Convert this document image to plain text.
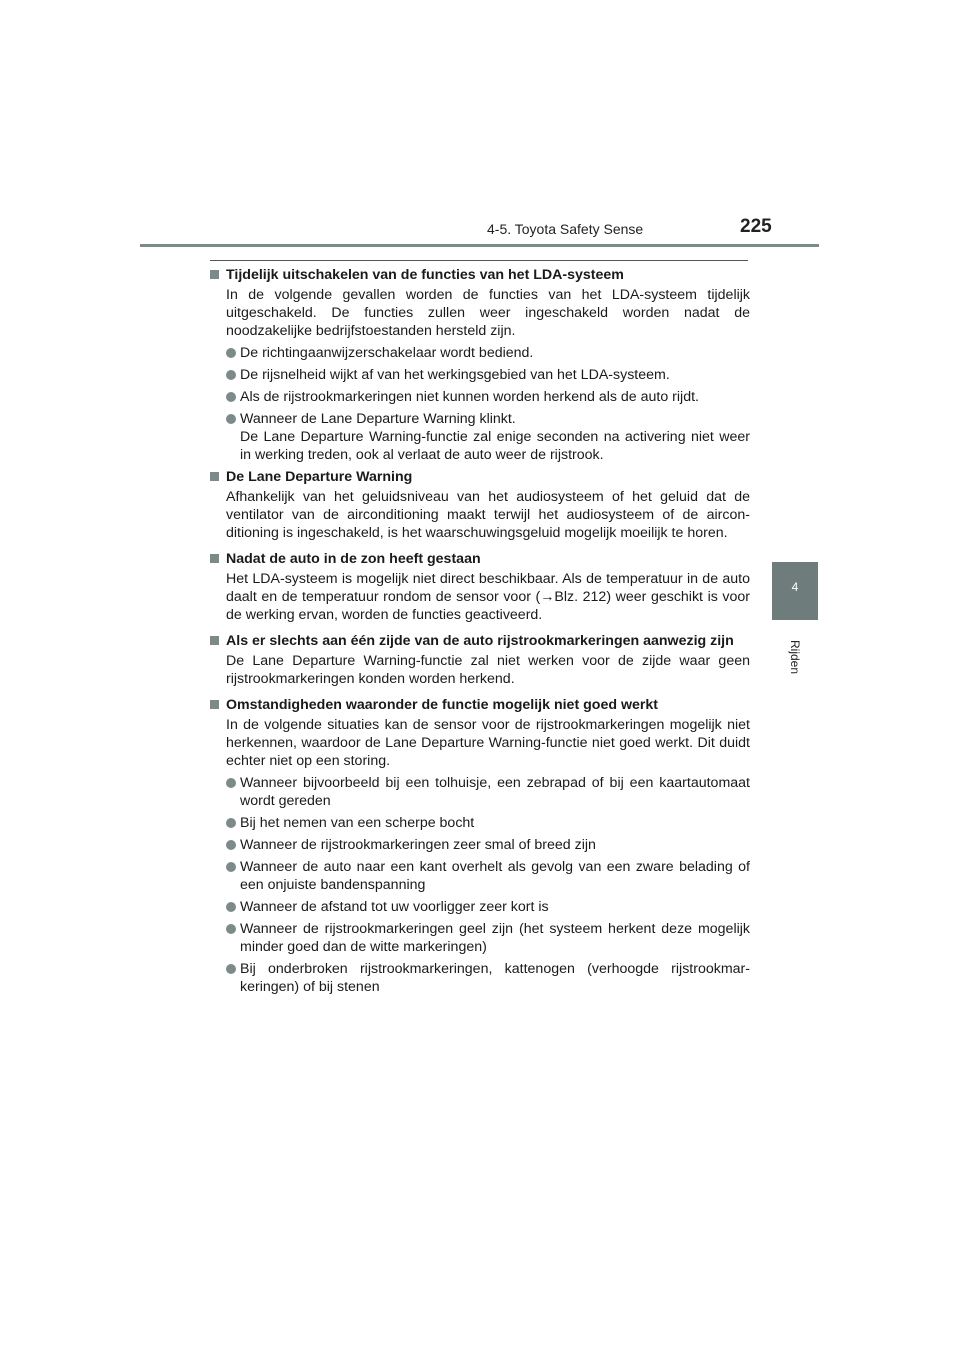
4-5. Toyota Safety Sense	225
4
Rijden
Tijdelijk uitschakelen van de functies van het LDA-systeem
In de volgende gevallen worden de functies van het LDA-systeem tijdelijk uitgeschakeld. De functies zullen weer ingeschakeld worden nadat de noodzakelijke bedrijfstoestanden hersteld zijn.
De richtingaanwijzerschakelaar wordt bediend.
De rijsnelheid wijkt af van het werkingsgebied van het LDA-systeem.
Als de rijstrookmarkeringen niet kunnen worden herkend als de auto rijdt.
Wanneer de Lane Departure Warning klinkt.
De Lane Departure Warning-functie zal enige seconden na activering niet weer in werking treden, ook al verlaat de auto weer de rijstrook.
De Lane Departure Warning
Afhankelijk van het geluidsniveau van het audiosysteem of het geluid dat de ventilator van de airconditioning maakt terwijl het audiosysteem of de airconditioning is ingeschakeld, is het waarschuwingsgeluid mogelijk moeilijk te horen.
Nadat de auto in de zon heeft gestaan
Het LDA-systeem is mogelijk niet direct beschikbaar. Als de temperatuur in de auto daalt en de temperatuur rondom de sensor voor (→Blz. 212) weer geschikt is voor de werking ervan, worden de functies geactiveerd.
Als er slechts aan één zijde van de auto rijstrookmarkeringen aanwezig zijn
De Lane Departure Warning-functie zal niet werken voor de zijde waar geen rijstrookmarkeringen konden worden herkend.
Omstandigheden waaronder de functie mogelijk niet goed werkt
In de volgende situaties kan de sensor voor de rijstrookmarkeringen mogelijk niet herkennen, waardoor de Lane Departure Warning-functie niet goed werkt. Dit duidt echter niet op een storing.
Wanneer bijvoorbeeld bij een tolhuisje, een zebrapad of bij een kaartautomaat wordt gereden
Bij het nemen van een scherpe bocht
Wanneer de rijstrookmarkeringen zeer smal of breed zijn
Wanneer de auto naar een kant overhelt als gevolg van een zware belading of een onjuiste bandenspanning
Wanneer de afstand tot uw voorligger zeer kort is
Wanneer de rijstrookmarkeringen geel zijn (het systeem herkent deze mogelijk minder goed dan de witte markeringen)
Bij onderbroken rijstrookmarkeringen, kattenogen (verhoogde rijstrookmarkeringen) of bij stenen
